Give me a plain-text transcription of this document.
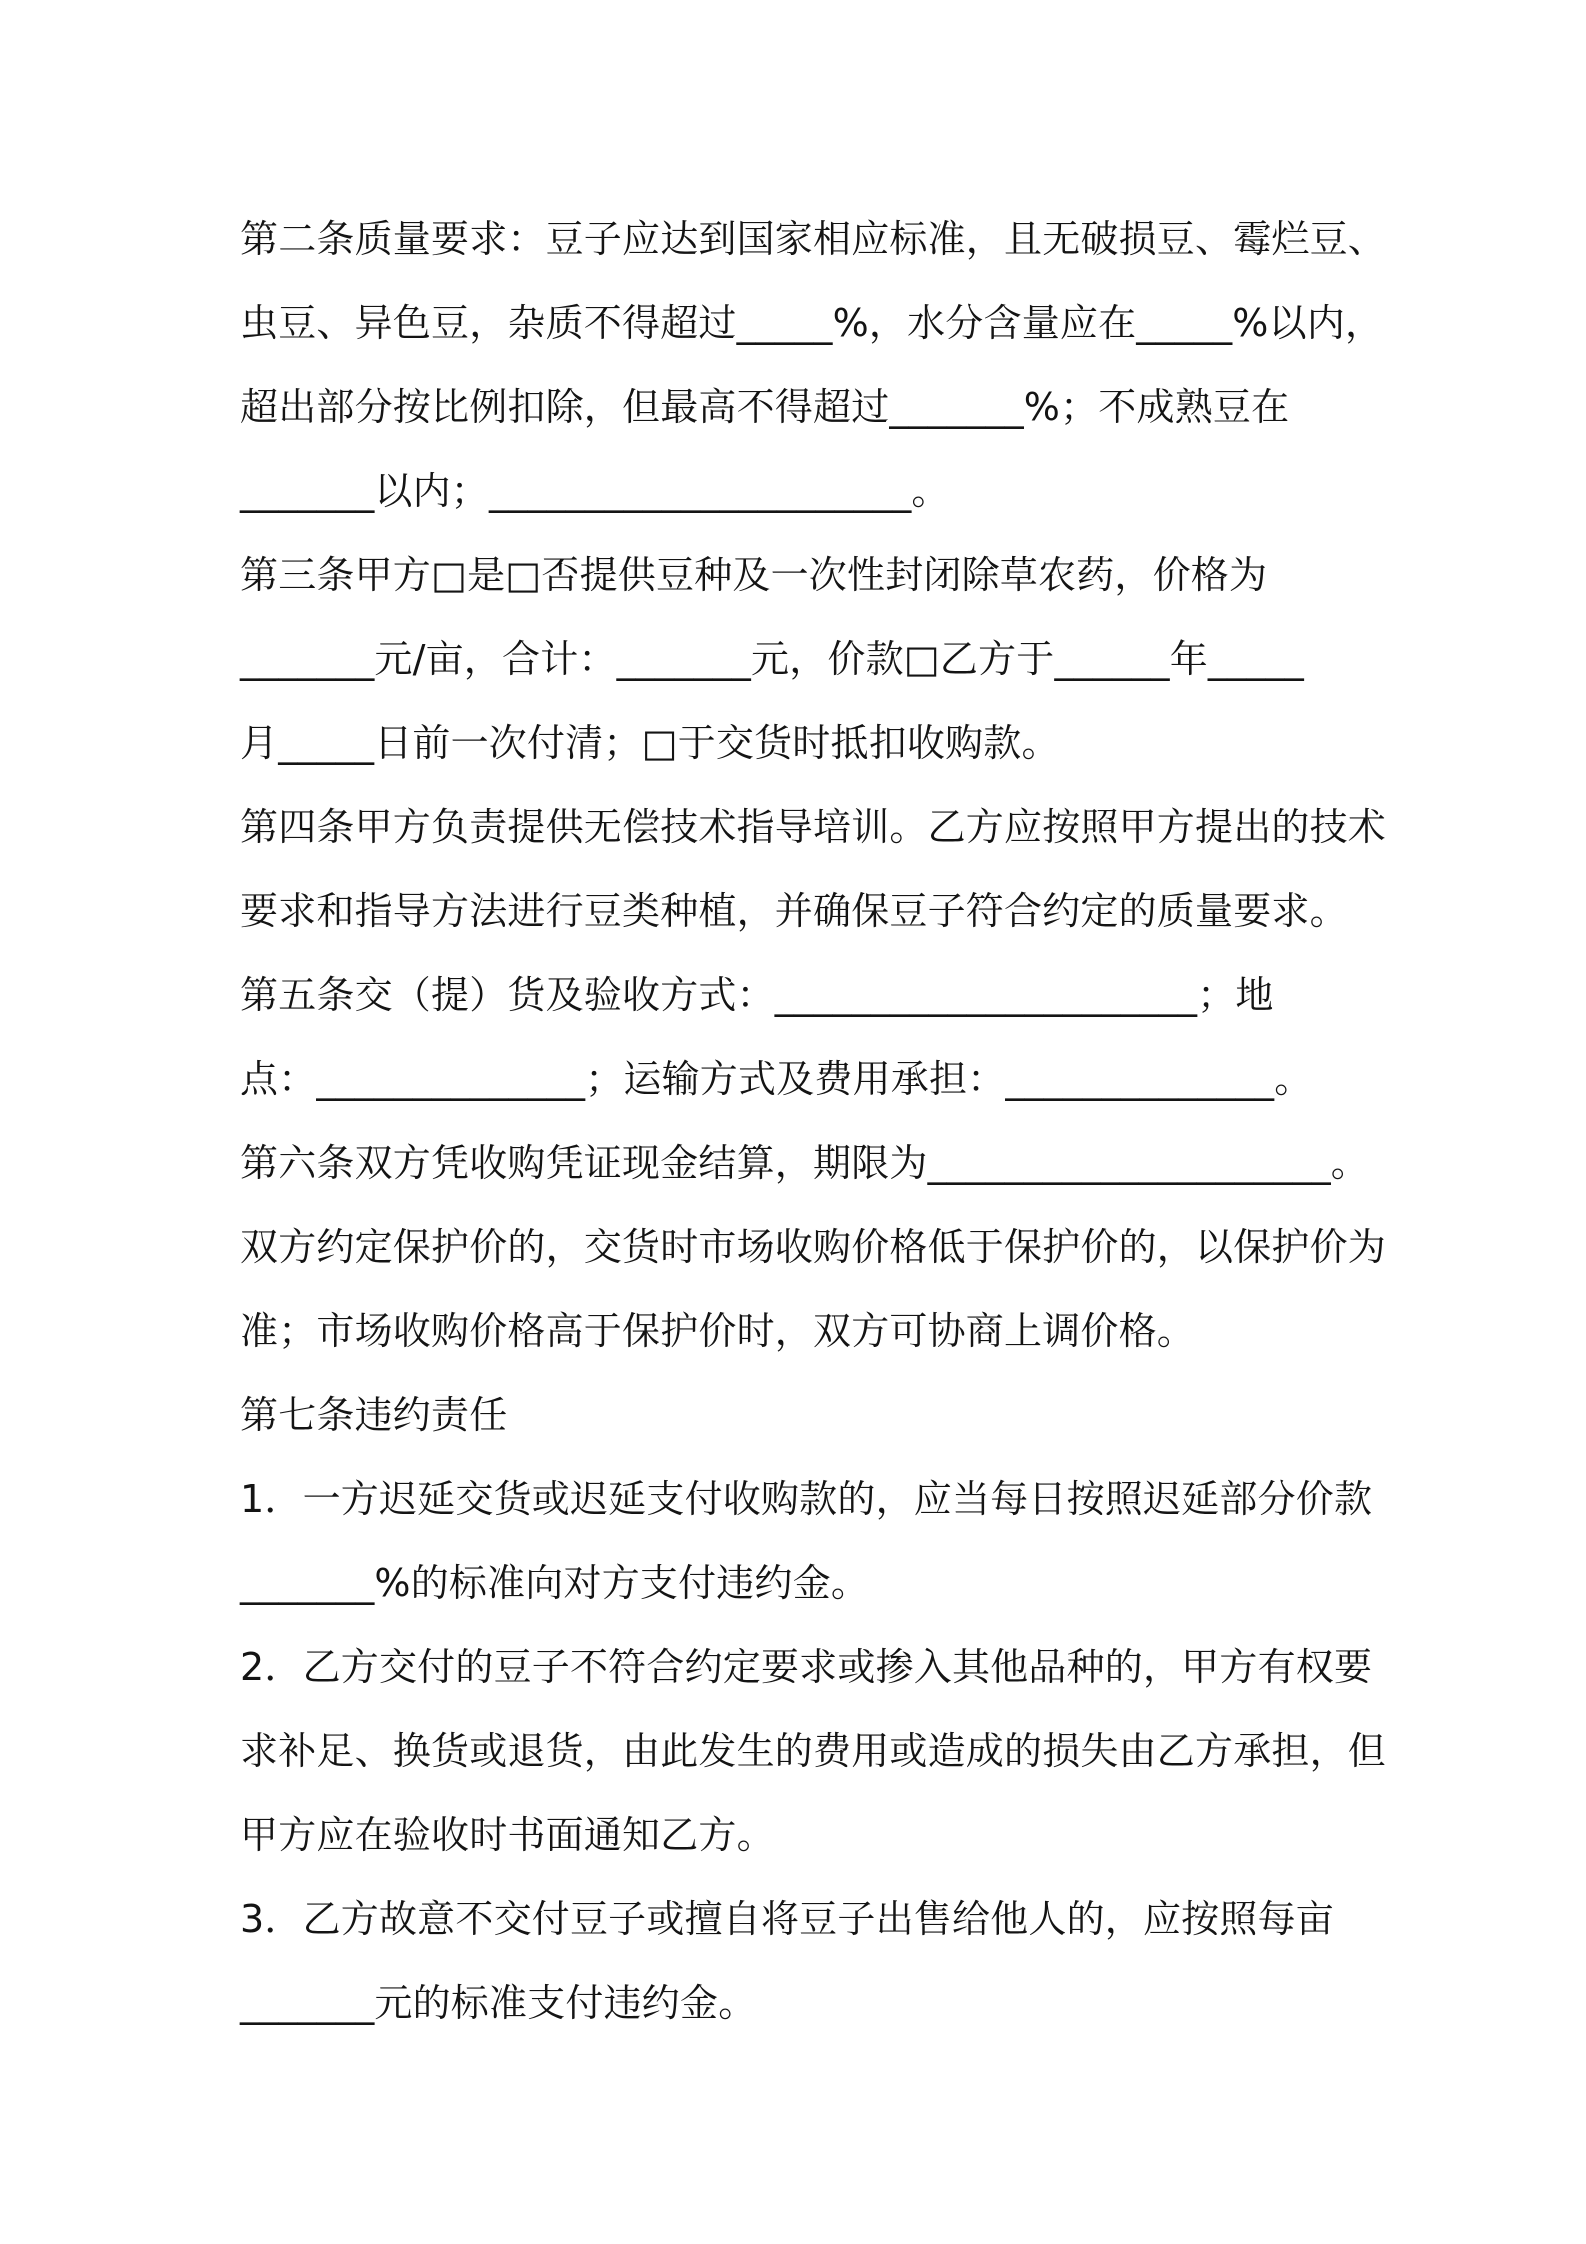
第二条质量要求：豆子应达到国家相应标准，且无破损豆、霉烂豆、
虫豆、异色豆，杂质不得超过_____%，水分含量应在_____%以内，
超出部分按比例扣除，但最高不得超过_______%；不成熟豆在
_______以内；______________________。
第三条甲方□是□否提供豆种及一次性封闭除草农药，价格为
_______元/亩，合计：_______元，价款□乙方于______年_____
月_____日前一次付清；□于交货时抵扣收购款。
第四条甲方负责提供无偿技术指导培训。乙方应按照甲方提出的技术
要求和指导方法进行豆类种植，并确保豆子符合约定的质量要求。
第五条交（提）货及验收方式：______________________；地
点：______________；运输方式及费用承担：______________。
第六条双方凭收购凭证现金结算，期限为_____________________。
双方约定保护价的，交货时市场收购价格低于保护价的，以保护价为
准；市场收购价格高于保护价时，双方可协商上调价格。
第七条违约责任
1．一方迟延交货或迟延支付收购款的，应当每日按照迟延部分价款
_______%的标准向对方支付违约金。
2．乙方交付的豆子不符合约定要求或掺入其他品种的，甲方有权要
求补足、换货或退货，由此发生的费用或造成的损失由乙方承担，但
甲方应在验收时书面通知乙方。
3．乙方故意不交付豆子或擅自将豆子出售给他人的，应按照每亩
_______元的标准支付违约金。
